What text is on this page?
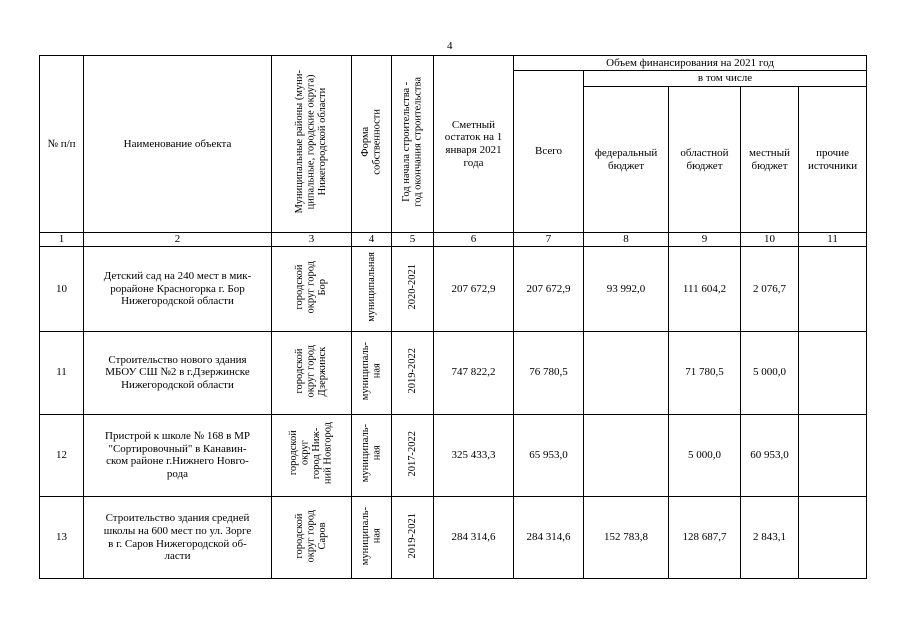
4
№ п/п	Наименование объекта	Муниципальные районы (муни-
ципальные, городские округа)
Нижегородской области	Форма
собственности	Год начала строительства -
год окончания строительства	Сметный остаток на 1 января 2021 года	Объем финансирования на 2021 год				
						Всего	в том числе			
							федеральный бюджет	областной бюджет	местный бюджет	прочие источники
1	2	3	4	5	6	7	8	9	10	11
10	Детский сад на 240 мест в мик-
рорайоне Красногорка г. Бор
Нижегородской области	городской
округ город
Бор	муниципальная	2020-2021	207 672,9	207 672,9	93 992,0	111 604,2	2 076,7	
11	Строительство нового здания
МБОУ СШ №2 в г.Дзержинске
Нижегородской области	городской
округ город
Дзержинск	муниципаль-
ная	2019-2022	747 822,2	76 780,5		71 780,5	5 000,0	
12	Пристрой к школе № 168 в МР
"Сортировочный" в Канавин-
ском районе г.Нижнего Новго-
рода	городской
округ
город Ниж-
ний Новгород	муниципаль-
ная	2017-2022	325 433,3	65 953,0		5 000,0	60 953,0	
13	Строительство здания средней
школы на 600 мест по ул. Зорге
в г. Саров Нижегородской об-
ласти	городской
округ город
Саров	муниципаль-
ная	2019-2021	284 314,6	284 314,6	152 783,8	128 687,7	2 843,1	
